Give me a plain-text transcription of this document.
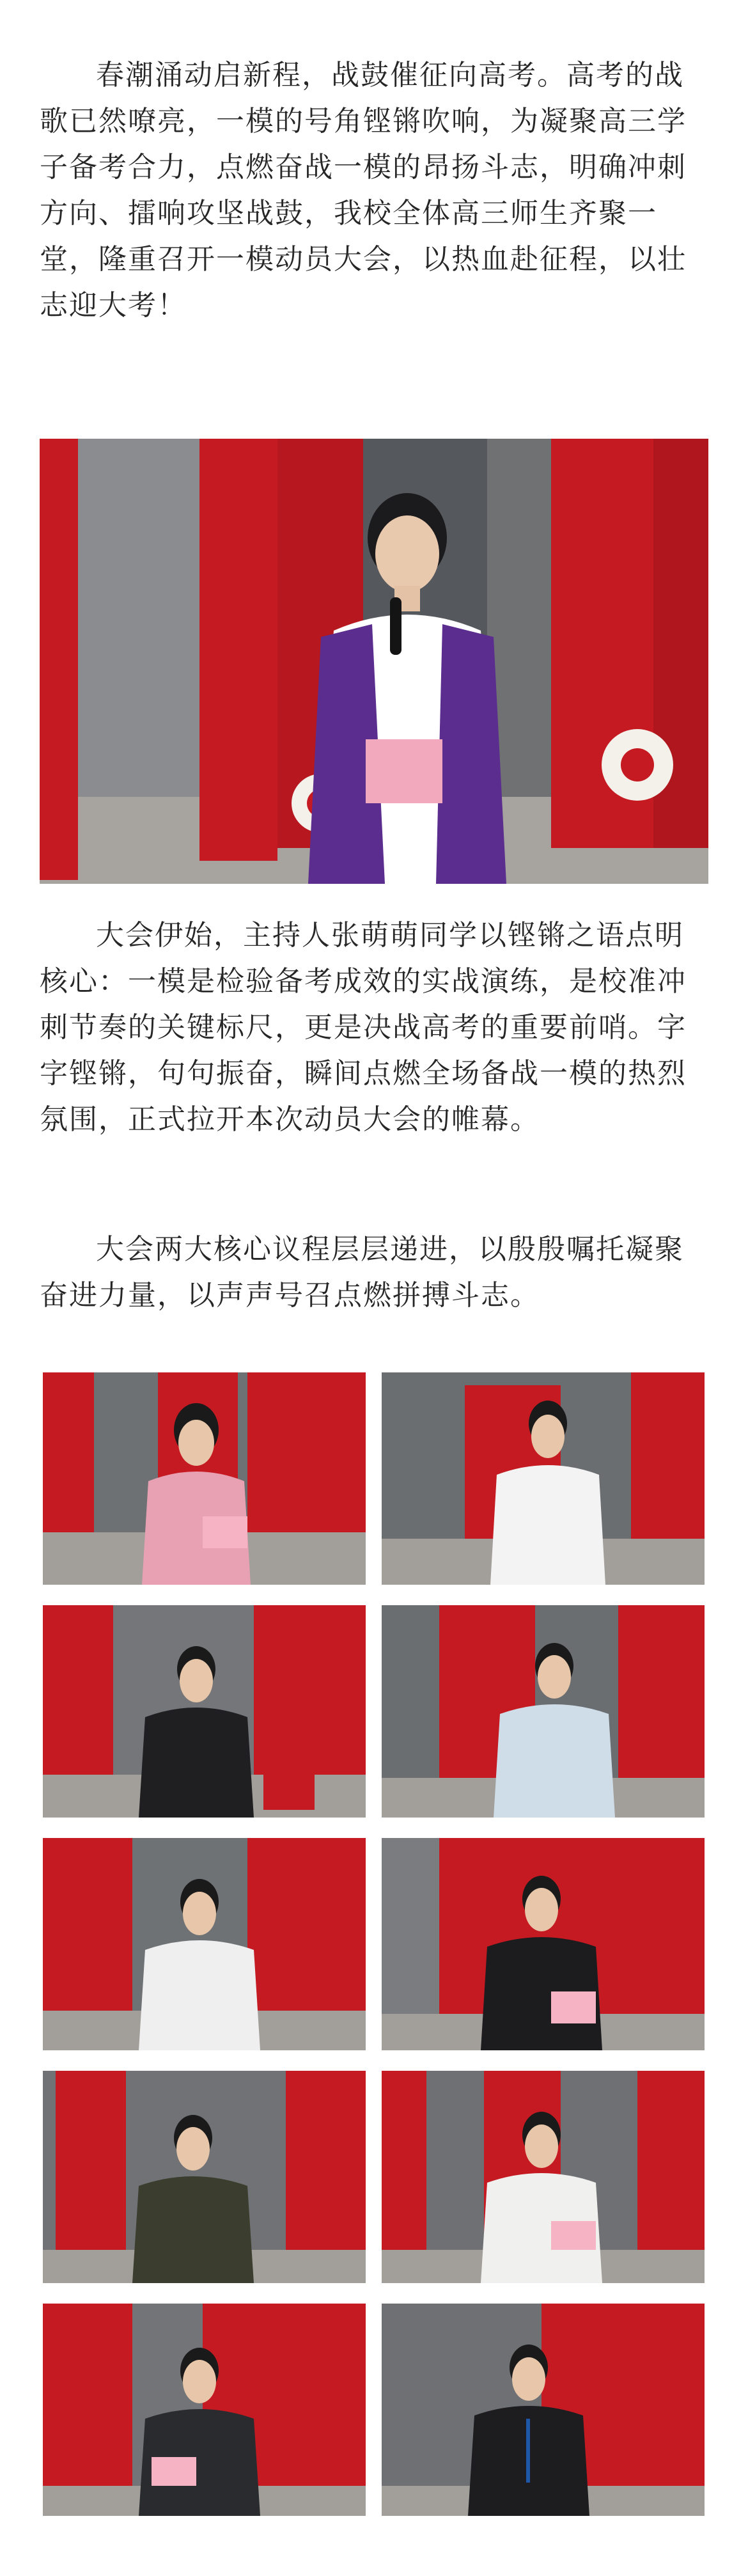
春潮涌动启新程，战鼓催征向高考。高考的战歌已然嘹亮，一模的号角铿锵吹响，为凝聚高三学子备考合力，点燃奋战一模的昂扬斗志，明确冲刺方向、擂响攻坚战鼓，我校全体高三师生齐聚一堂，隆重召开一模动员大会，以热血赴征程，以壮志迎大考！

大会伊始，主持人张萌萌同学以铿锵之语点明核心：一模是检验备考成效的实战演练，是校准冲刺节奏的关键标尺，更是决战高考的重要前哨。字字铿锵，句句振奋，瞬间点燃全场备战一模的热烈氛围，正式拉开本次动员大会的帷幕。

大会两大核心议程层层递进，以殷殷嘱托凝聚奋进力量，以声声号召点燃拼搏斗志。
